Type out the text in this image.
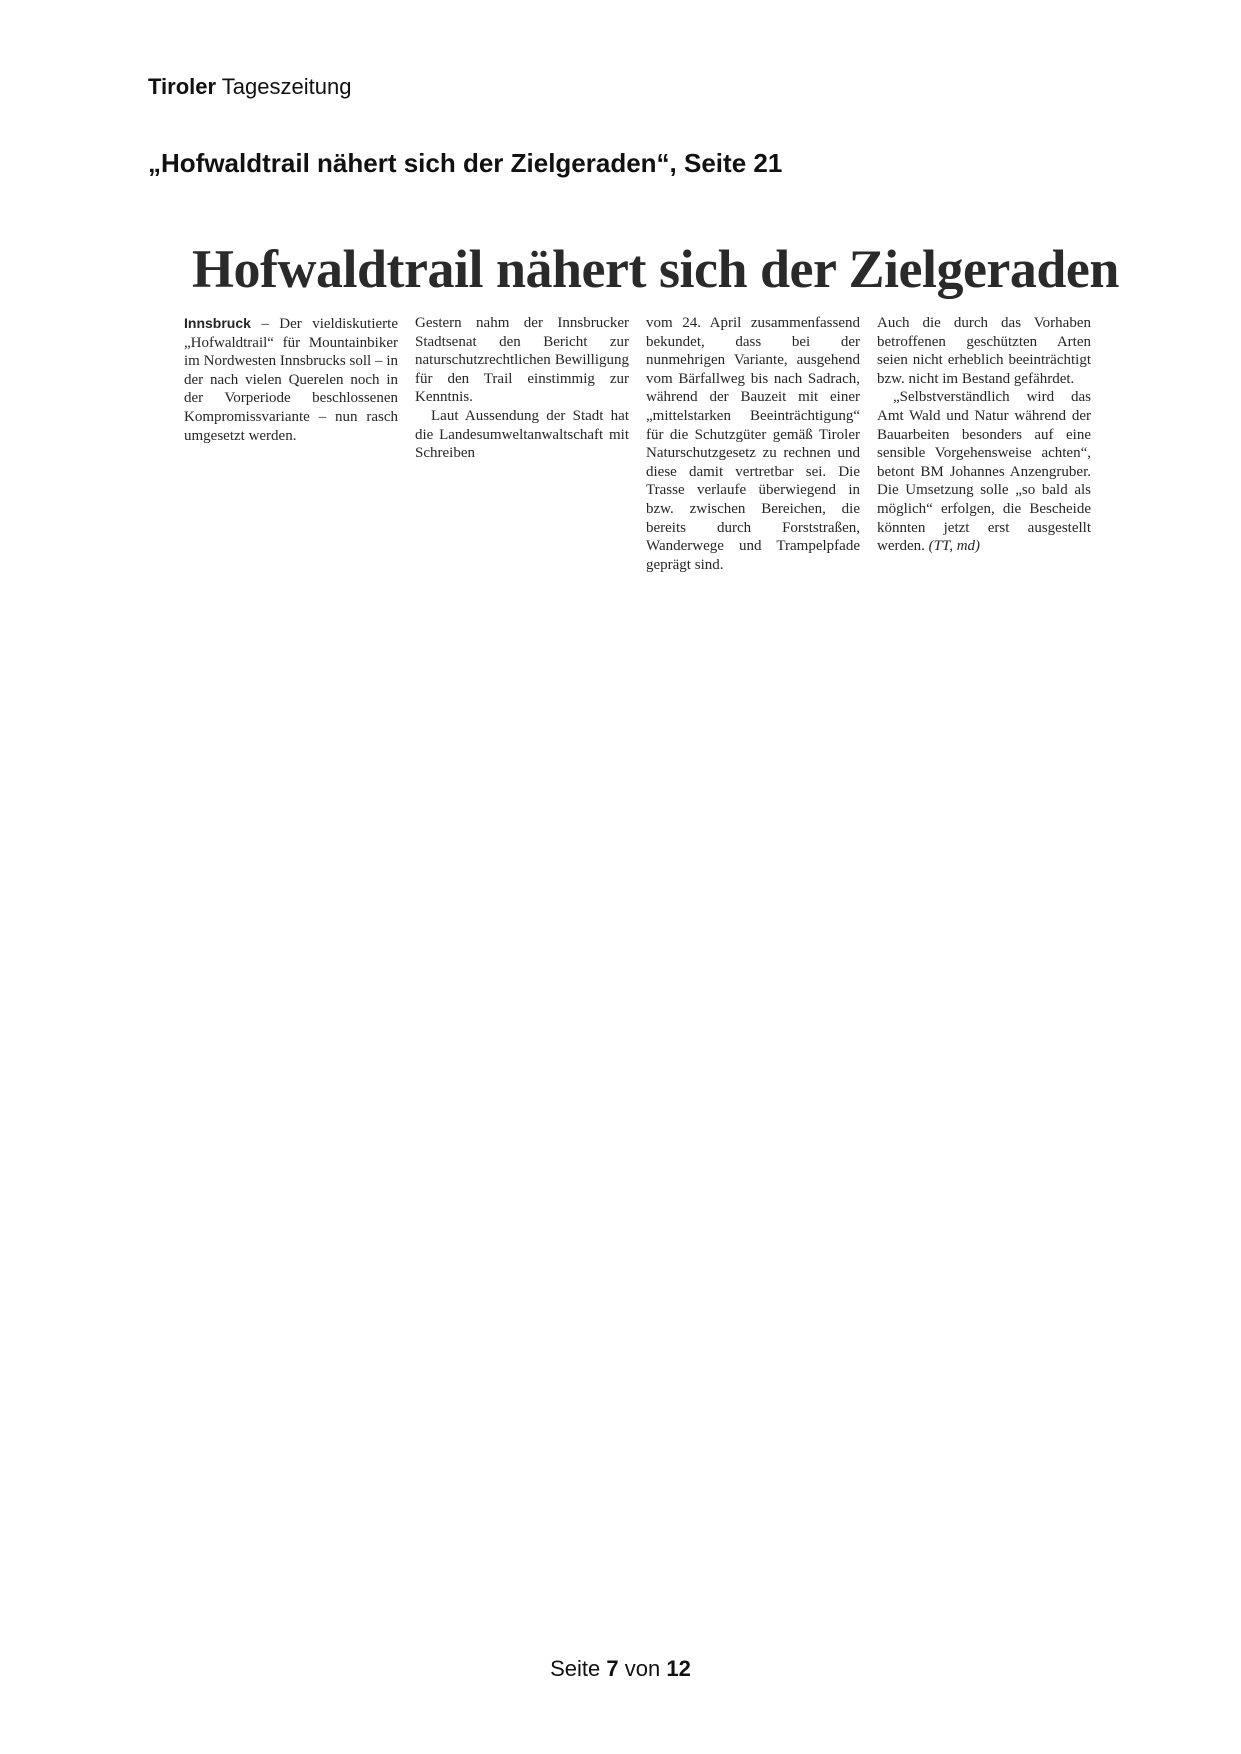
Tiroler Tageszeitung
„Hofwaldtrail nähert sich der Zielgeraden“, Seite 21
Hofwaldtrail nähert sich der Zielgeraden

Innsbruck – Der vieldiskutierte „Hofwaldtrail“ für Mountainbiker im Nordwesten Innsbrucks soll – in der nach vielen Querelen noch in der Vorperiode beschlossenen Kompromissvariante – nun rasch umgesetzt werden.

Gestern nahm der Innsbrucker Stadtsenat den Bericht zur naturschutzrechtlichen Bewilligung für den Trail einstimmig zur Kenntnis.

Laut Aussendung der Stadt hat die Landesumweltanwaltschaft mit Schreiben

vom 24. April zusammenfassend bekundet, dass bei der nunmehrigen Variante, ausgehend vom Bärfallweg bis nach Sadrach, während der Bauzeit mit einer „mittelstarken Beeinträchtigung“ für die Schutzgüter gemäß Tiroler Naturschutzgesetz zu rechnen und diese damit vertretbar sei. Die Trasse verlaufe überwiegend in bzw. zwischen Bereichen, die bereits durch Forststraßen, Wanderwege und Trampelpfade geprägt sind.

Auch die durch das Vorhaben betroffenen geschützten Arten seien nicht erheblich beeinträchtigt bzw. nicht im Bestand gefährdet.

„Selbstverständlich wird das Amt Wald und Natur während der Bauarbeiten besonders auf eine sensible Vorgehensweise achten“, betont BM Johannes Anzengruber. Die Umsetzung solle „so bald als möglich“ erfolgen, die Bescheide könnten jetzt erst ausgestellt werden. (TT, md)

Seite 7 von 12
